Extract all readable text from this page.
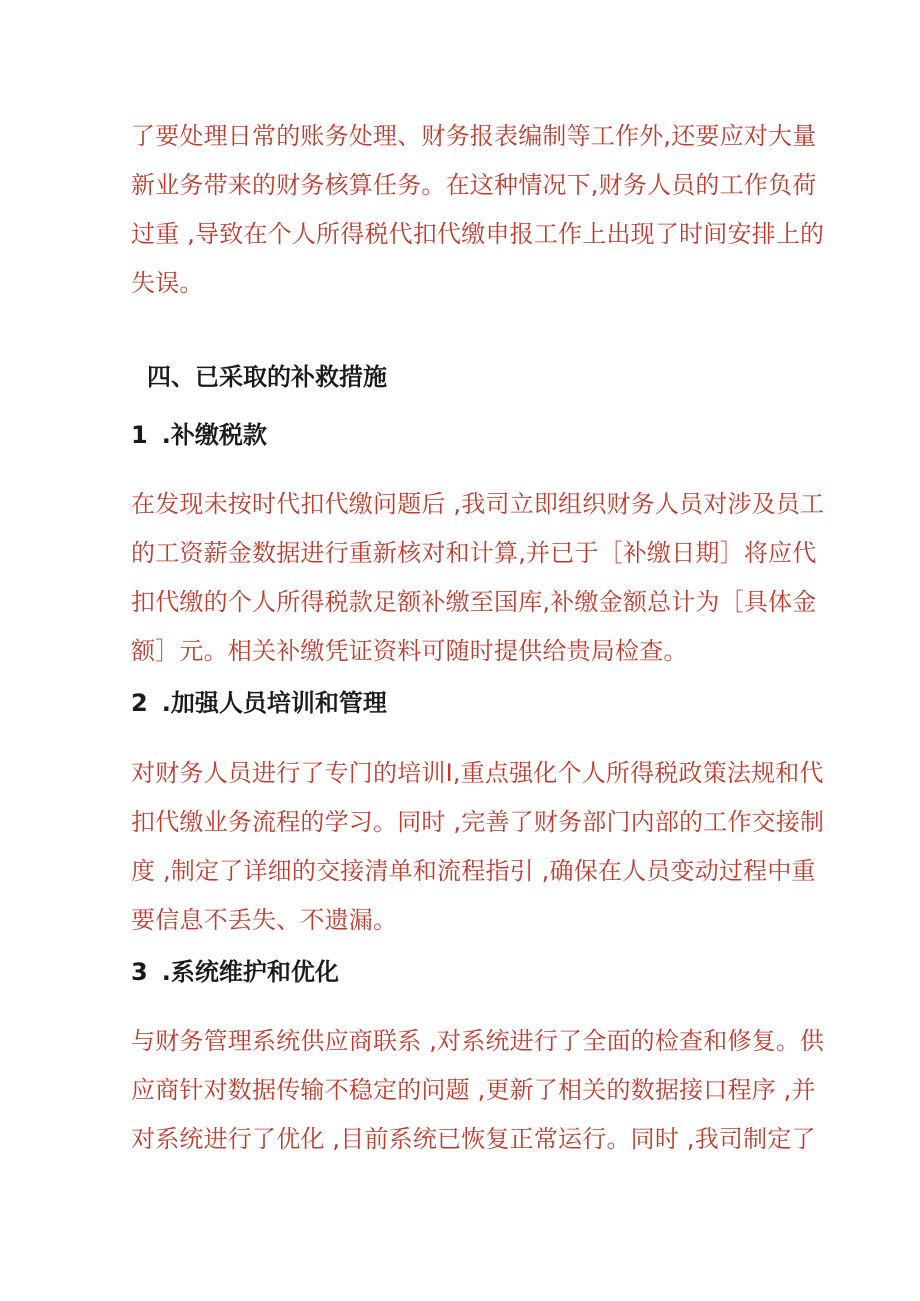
了要处理日常的账务处理、财务报表编制等工作外,还要应对大量
新业务带来的财务核算任务。在这种情况下,财务人员的工作负荷
过重 ,导致在个人所得税代扣代缴申报工作上出现了时间安排上的
失误。
四、已采取的补救措施
1 .补缴税款
在发现未按时代扣代缴问题后 ,我司立即组织财务人员对涉及员工
的工资薪金数据进行重新核对和计算,并已于［补缴日期］将应代
扣代缴的个人所得税款足额补缴至国库,补缴金额总计为［具体金
额］元。相关补缴凭证资料可随时提供给贵局检查。
2 .加强人员培训和管理
对财务人员进行了专门的培训I,重点强化个人所得税政策法规和代
扣代缴业务流程的学习。同时 ,完善了财务部门内部的工作交接制
度 ,制定了详细的交接清单和流程指引 ,确保在人员变动过程中重
要信息不丢失、不遗漏。
3 .系统维护和优化
与财务管理系统供应商联系 ,对系统进行了全面的检查和修复。供
应商针对数据传输不稳定的问题 ,更新了相关的数据接口程序 ,并
对系统进行了优化 ,目前系统已恢复正常运行。同时 ,我司制定了
